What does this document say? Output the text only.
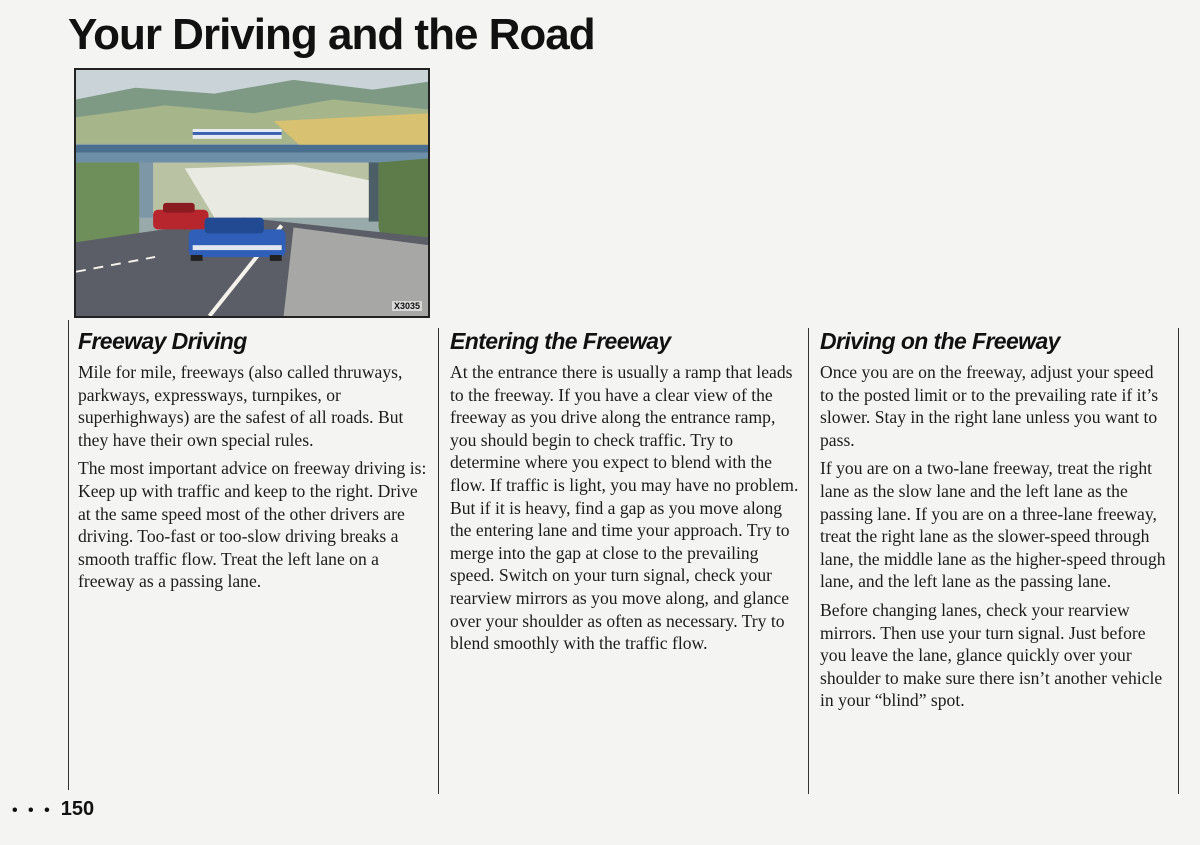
Your Driving and the Road
X3035
Freeway Driving

Mile for mile, freeways (also called thruways, parkways, expressways, turnpikes, or superhighways) are the safest of all roads. But they have their own special rules.

The most important advice on freeway driving is: Keep up with traffic and keep to the right. Drive at the same speed most of the other drivers are driving. Too-fast or too-slow driving breaks a smooth traffic flow. Treat the left lane on a freeway as a passing lane.

Entering the Freeway

At the entrance there is usually a ramp that leads to the freeway. If you have a clear view of the freeway as you drive along the entrance ramp, you should begin to check traffic. Try to determine where you expect to blend with the flow. If traffic is light, you may have no problem. But if it is heavy, find a gap as you move along the entering lane and time your approach. Try to merge into the gap at close to the prevailing speed. Switch on your turn signal, check your rearview mirrors as you move along, and glance over your shoulder as often as necessary. Try to blend smoothly with the traffic flow.

Driving on the Freeway

Once you are on the freeway, adjust your speed to the posted limit or to the prevailing rate if it’s slower. Stay in the right lane unless you want to pass.

If you are on a two-lane freeway, treat the right lane as the slow lane and the left lane as the passing lane. If you are on a three-lane freeway, treat the right lane as the slower-speed through lane, the middle lane as the higher-speed through lane, and the left lane as the passing lane.

Before changing lanes, check your rearview mirrors. Then use your turn signal. Just before you leave the lane, glance quickly over your shoulder to make sure there isn’t another vehicle in your “blind” spot.

• • • 150
